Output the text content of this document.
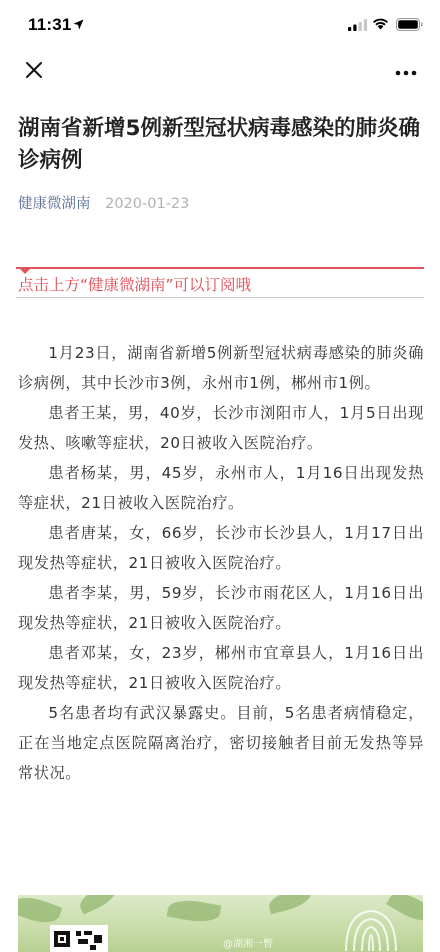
11:31
湖南省新增5例新型冠状病毒感染的肺炎确诊病例
健康微湖南 2020-01-23
点击上方“健康微湖南”可以订阅哦

1月23日，湖南省新增5例新型冠状病毒感染的肺炎确诊病例，其中长沙市3例，永州市1例，郴州市1例。

患者王某，男，40岁，长沙市浏阳市人，1月5日出现发热、咳嗽等症状，20日被收入医院治疗。

患者杨某，男，45岁，永州市人，1月16日出现发热等症状，21日被收入医院治疗。

患者唐某，女，66岁，长沙市长沙县人，1月17日出现发热等症状，21日被收入医院治疗。

患者李某，男，59岁，长沙市雨花区人，1月16日出现发热等症状，21日被收入医院治疗。

患者邓某，女，23岁，郴州市宜章县人，1月16日出现发热等症状，21日被收入医院治疗。

5名患者均有武汉暴露史。目前，5名患者病情稳定，正在当地定点医院隔离治疗，密切接触者目前无发热等异常状况。

@湖湘一瞥
